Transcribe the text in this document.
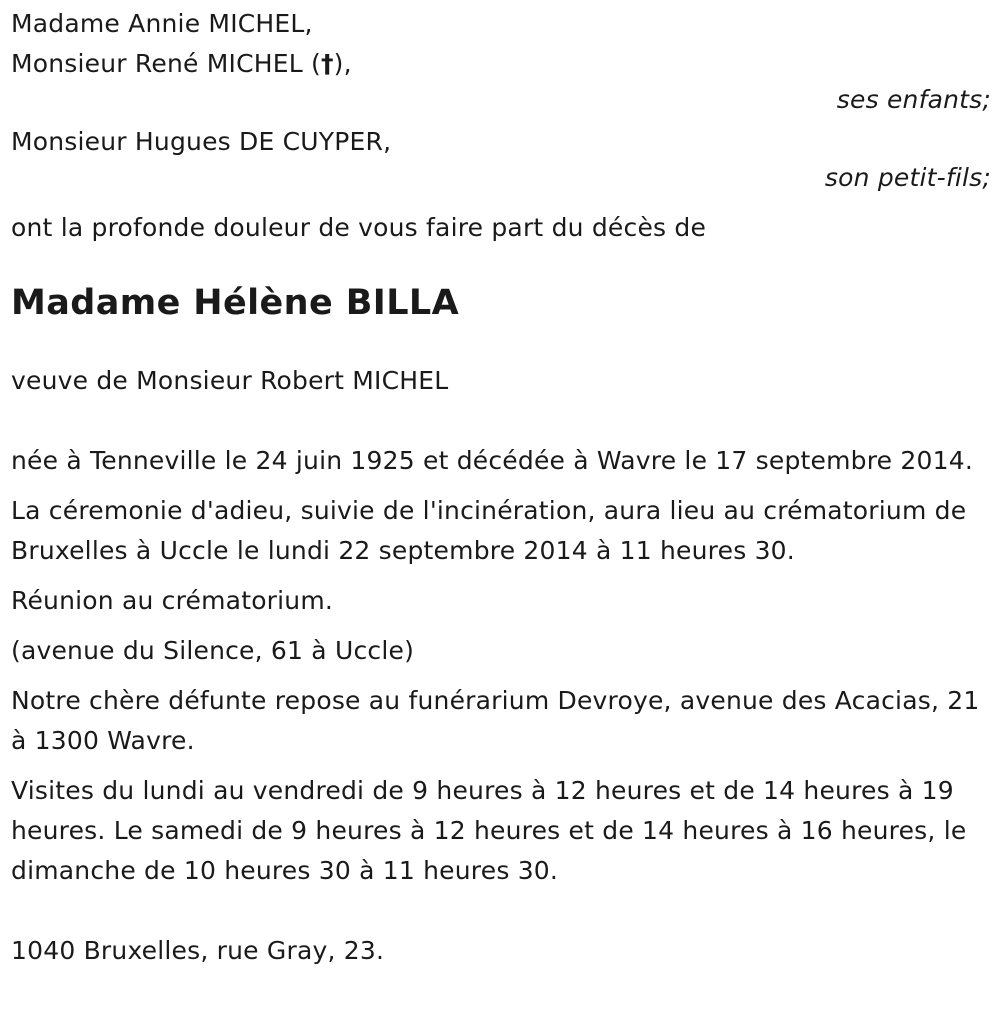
Madame Annie MICHEL,
Monsieur René MICHEL (†),
ses enfants;
Monsieur Hugues DE CUYPER,
son petit-fils;

ont la profonde douleur de vous faire part du décès de

Madame Hélène BILLA

veuve de Monsieur Robert MICHEL

née à Tenneville le 24 juin 1925 et décédée à Wavre le 17 septembre 2014.

La céremonie d'adieu, suivie de l'incinération, aura lieu au crématorium de Bruxelles à Uccle le lundi 22 septembre 2014 à 11 heures 30.

Réunion au crématorium.

(avenue du Silence, 61 à Uccle)

Notre chère défunte repose au funérarium Devroye, avenue des Acacias, 21 à 1300 Wavre.

Visites du lundi au vendredi de 9 heures à 12 heures et de 14 heures à 19 heures. Le samedi de 9 heures à 12 heures et de 14 heures à 16 heures, le dimanche de 10 heures 30 à 11 heures 30.

1040 Bruxelles, rue Gray, 23.
